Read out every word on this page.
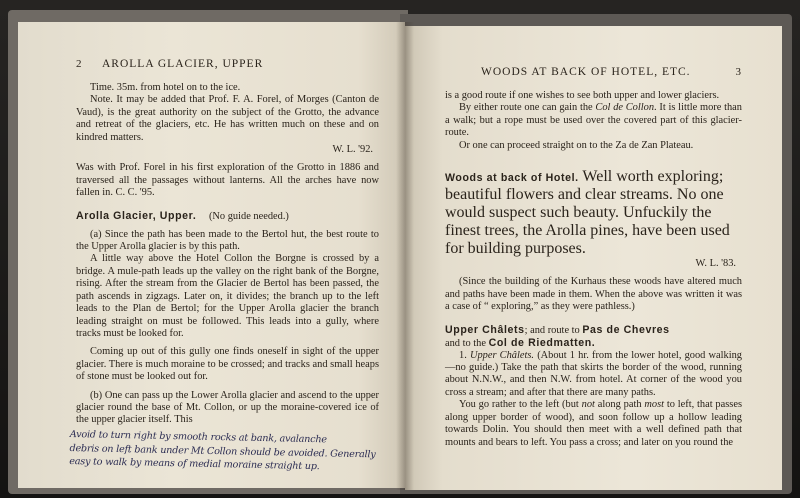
2 AROLLA GLACIER, UPPER

Time. 35m. from hotel on to the ice.

Note. It may be added that Prof. F. A. Forel, of Morges (Canton de Vaud), is the great authority on the subject of the Grotto, the advance and retreat of the glaciers, etc. He has written much on these and on kindred matters.

W. L. '92.

Was with Prof. Forel in his first exploration of the Grotto in 1886 and traversed all the passages without lanterns. All the arches have now fallen in. C. C. '95.

Arolla Glacier, Upper. (No guide needed.)

(a) Since the path has been made to the Bertol hut, the best route to the Upper Arolla glacier is by this path.

A little way above the Hotel Collon the Borgne is crossed by a bridge. A mule-path leads up the valley on the right bank of the Borgne, rising. After the stream from the Glacier de Bertol has been passed, the path ascends in zigzags. Later on, it divides; the branch up to the left leads to the Plan de Bertol; for the Upper Arolla glacier the branch leading straight on must be followed. This leads into a gully, where tracks must be looked for.

Coming up out of this gully one finds oneself in sight of the upper glacier. There is much moraine to be crossed; and tracks and small heaps of stone must be looked out for.

(b) One can pass up the Lower Arolla glacier and ascend to the upper glacier round the base of Mt. Collon, or up the moraine-covered ice of the upper glacier itself. This

Avoid to turn right by smooth rocks at bank, avalanche
debris on left bank under Mt Collon should be avoided. Generally
easy to walk by means of medial moraine straight up.
WOODS AT BACK OF HOTEL, ETC.	3

is a good route if one wishes to see both upper and lower glaciers.

By either route one can gain the Col de Collon. It is little more than a walk; but a rope must be used over the covered part of this glacier-route.

Or one can proceed straight on to the Za de Zan Plateau.

Woods at back of Hotel. Well worth exploring; beautiful flowers and clear streams. No one would suspect such beauty. Unfuckily the finest trees, the Arolla pines, have been used for building purposes.

W. L. '83.

(Since the building of the Kurhaus these woods have altered much and paths have been made in them. When the above was written it was a case of “ exploring,” as they were pathless.)

Upper Châlets; and route to Pas de Chevres
and to the Col de Riedmatten.

1. Upper Châlets. (About 1 hr. from the lower hotel, good walking—no guide.) Take the path that skirts the border of the wood, running about N.N.W., and then N.W. from hotel. At corner of the wood you cross a stream; and after that there are many paths.

You go rather to the left (but not along path most to left, that passes along upper border of wood), and soon follow up a hollow leading towards Dolin. You should then meet with a well defined path that mounts and bears to left. You pass a cross; and later on you round the
